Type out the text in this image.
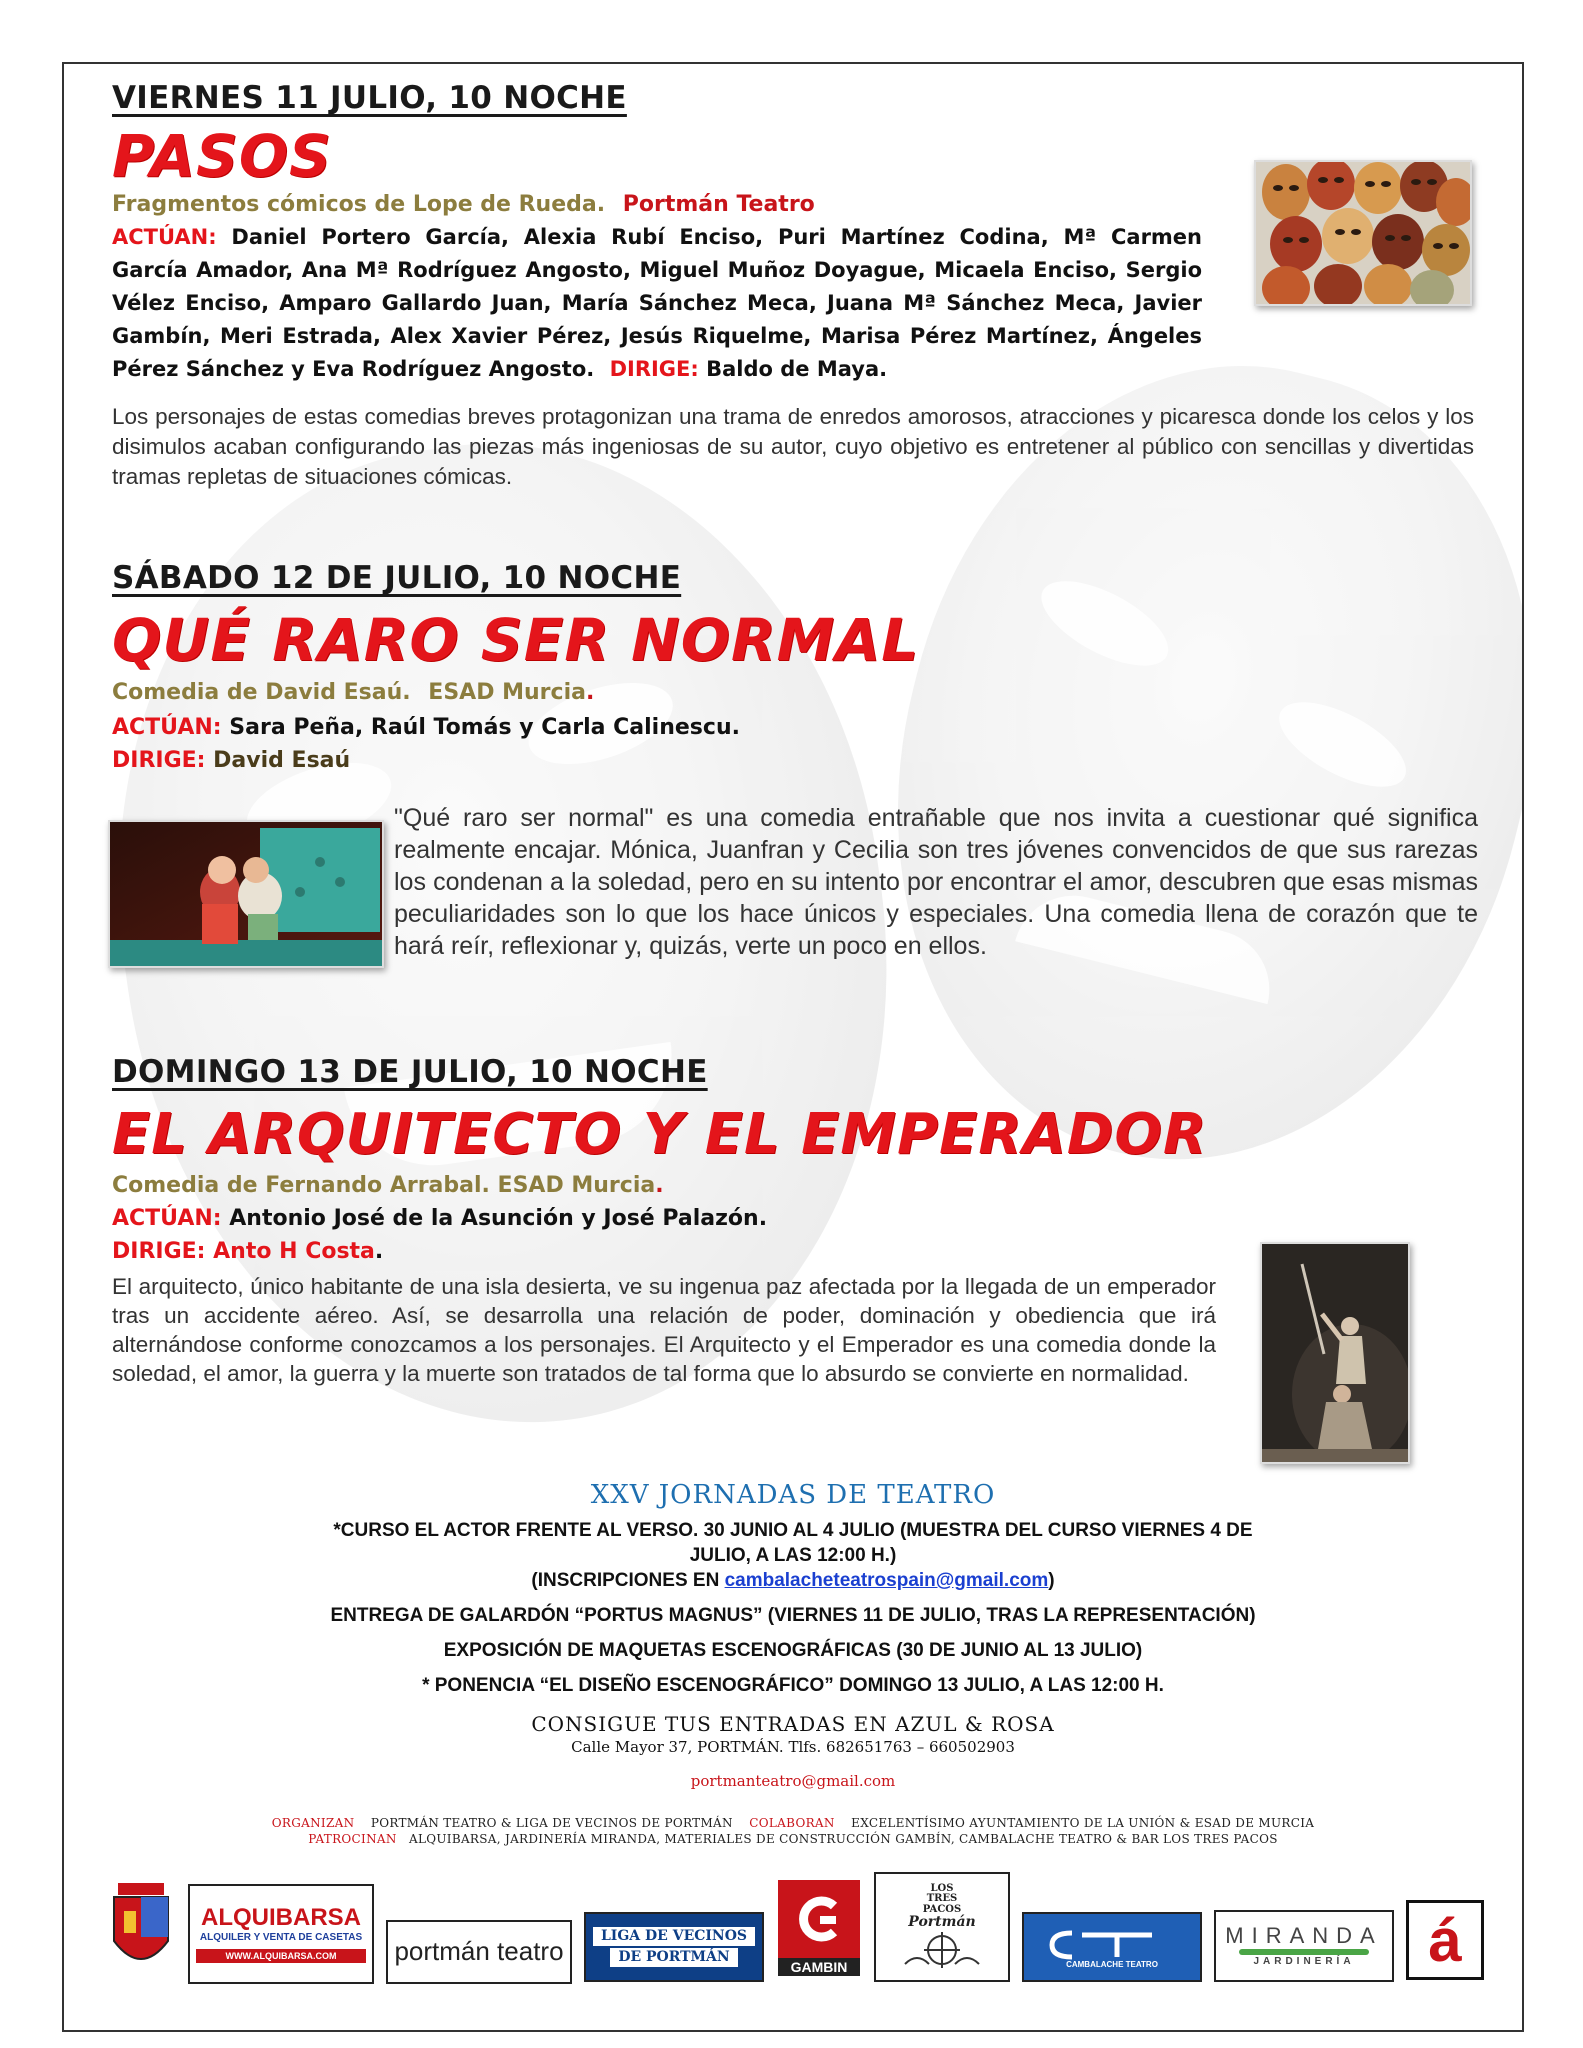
VIERNES 11 JULIO, 10 NOCHE
PASOS
Fragmentos cómicos de Lope de Rueda. Portmán Teatro
ACTÚAN: Daniel Portero García, Alexia Rubí Enciso, Puri Martínez Codina, Mª Carmen García Amador, Ana Mª Rodríguez Angosto, Miguel Muñoz Doyague, Micaela Enciso, Sergio Vélez Enciso, Amparo Gallardo Juan, María Sánchez Meca, Juana Mª Sánchez Meca, Javier Gambín, Meri Estrada, Alex Xavier Pérez, Jesús Riquelme, Marisa Pérez Martínez, Ángeles Pérez Sánchez y Eva Rodríguez Angosto. DIRIGE: Baldo de Maya.
Los personajes de estas comedias breves protagonizan una trama de enredos amorosos, atracciones y picaresca donde los celos y los disimulos acaban configurando las piezas más ingeniosas de su autor, cuyo objetivo es entretener al público con sencillas y divertidas tramas repletas de situaciones cómicas.
SÁBADO 12 DE JULIO, 10 NOCHE
QUÉ RARO SER NORMAL
Comedia de David Esaú. ESAD Murcia.
ACTÚAN: Sara Peña, Raúl Tomás y Carla Calinescu.
DIRIGE: David Esaú
"Qué raro ser normal" es una comedia entrañable que nos invita a cuestionar qué significa realmente encajar. Mónica, Juanfran y Cecilia son tres jóvenes convencidos de que sus rarezas los condenan a la soledad, pero en su intento por encontrar el amor, descubren que esas mismas peculiaridades son lo que los hace únicos y especiales. Una comedia llena de corazón que te hará reír, reflexionar y, quizás, verte un poco en ellos.
DOMINGO 13 DE JULIO, 10 NOCHE
EL ARQUITECTO Y EL EMPERADOR
Comedia de Fernando Arrabal. ESAD Murcia.
ACTÚAN: Antonio José de la Asunción y José Palazón.
DIRIGE: Anto H Costa.
El arquitecto, único habitante de una isla desierta, ve su ingenua paz afectada por la llegada de un emperador tras un accidente aéreo. Así, se desarrolla una relación de poder, dominación y obediencia que irá alternándose conforme conozcamos a los personajes. El Arquitecto y el Emperador es una comedia donde la soledad, el amor, la guerra y la muerte son tratados de tal forma que lo absurdo se convierte en normalidad.
XXV JORNADAS DE TEATRO
*CURSO EL ACTOR FRENTE AL VERSO. 30 JUNIO AL 4 JULIO (MUESTRA DEL CURSO VIERNES 4 DE
JULIO, A LAS 12:00 H.)
(INSCRIPCIONES EN cambalacheteatrospain@gmail.com)
ENTREGA DE GALARDÓN “PORTUS MAGNUS” (VIERNES 11 DE JULIO, TRAS LA REPRESENTACIÓN)
EXPOSICIÓN DE MAQUETAS ESCENOGRÁFICAS (30 DE JUNIO AL 13 JULIO)
* PONENCIA “EL DISEÑO ESCENOGRÁFICO” DOMINGO 13 JULIO, A LAS 12:00 H.
CONSIGUE TUS ENTRADAS EN AZUL & ROSA
Calle Mayor 37, PORTMÁN. Tlfs. 682651763 – 660502903
portmanteatro@gmail.com
ORGANIZAN PORTMÁN TEATRO & LIGA DE VECINOS DE PORTMÁN COLABORAN EXCELENTÍSIMO AYUNTAMIENTO DE LA UNIÓN & ESAD DE MURCIA
PATROCINAN ALQUIBARSA, JARDINERÍA MIRANDA, MATERIALES DE CONSTRUCCIÓN GAMBÍN, CAMBALACHE TEATRO & BAR LOS TRES PACOS
ALQUIBARSA
ALQUILER Y VENTA DE CASETAS
WWW.ALQUIBARSA.COM portmán teatro
LIGA DE VECINOS
DE PORTMÁN
GAMBIN
LOS
TRES
PACOS
Portmán
CAMBALACHE TEATRO
MIRANDA
JARDINERÍA á
